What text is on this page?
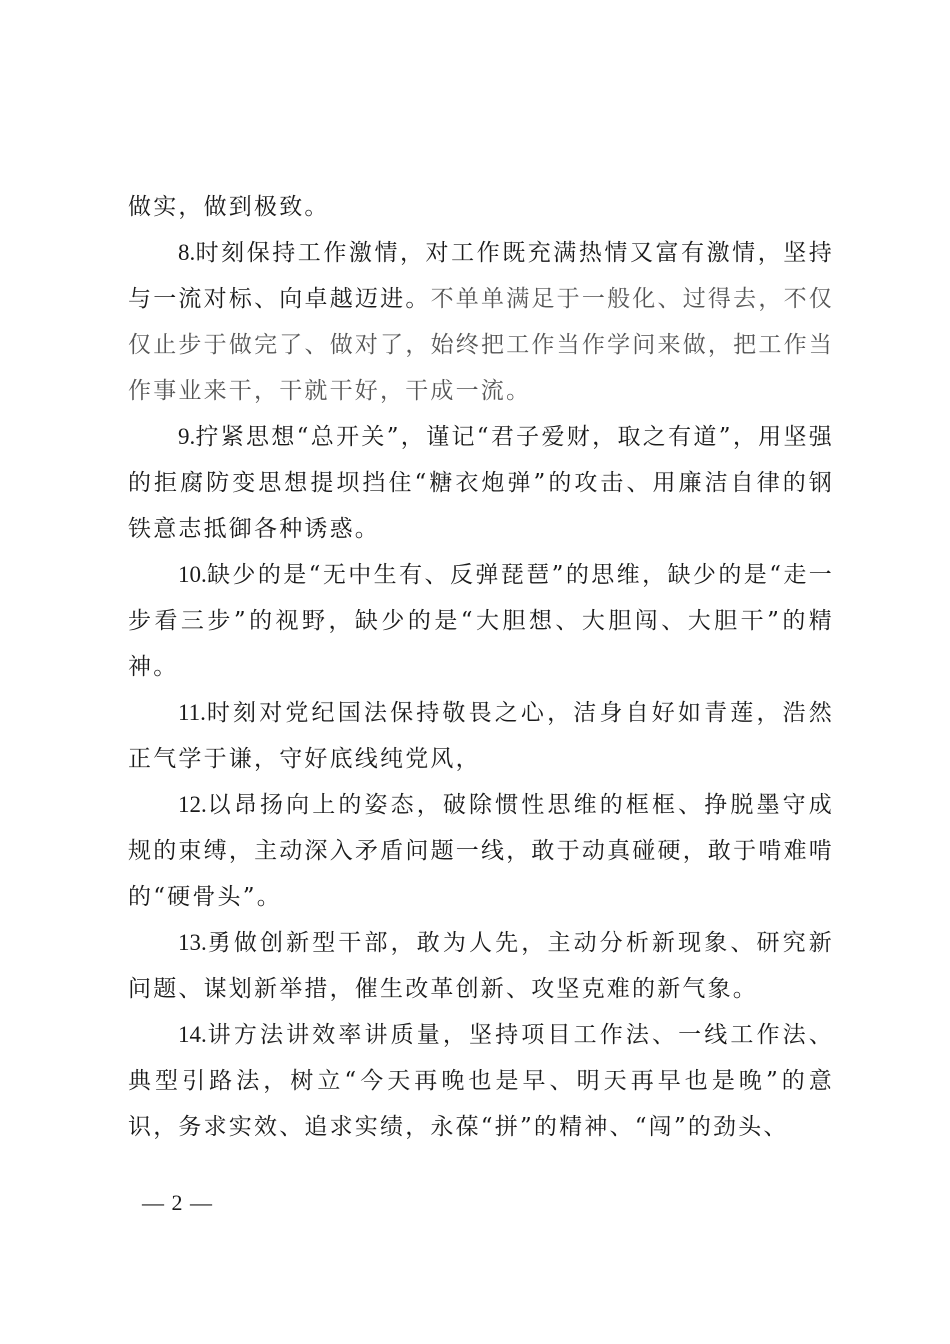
做实，做到极致。

8.时刻保持工作激情，对工作既充满热情又富有激情，坚持与一流对标、向卓越迈进。不单单满足于一般化、过得去，不仅仅止步于做完了、做对了，始终把工作当作学问来做，把工作当作事业来干，干就干好，干成一流。

9.拧紧思想“总开关”，谨记“君子爱财，取之有道”，用坚强的拒腐防变思想提坝挡住“糖衣炮弹”的攻击、用廉洁自律的钢铁意志抵御各种诱惑。

10.缺少的是“无中生有、反弹琵琶”的思维，缺少的是“走一步看三步”的视野，缺少的是“大胆想、大胆闯、大胆干”的精神。

11.时刻对党纪国法保持敬畏之心，洁身自好如青莲，浩然正气学于谦，守好底线纯党风，

12.以昂扬向上的姿态，破除惯性思维的框框、挣脱墨守成规的束缚，主动深入矛盾问题一线，敢于动真碰硬，敢于啃难啃的“硬骨头”。

13.勇做创新型干部，敢为人先，主动分析新现象、研究新问题、谋划新举措，催生改革创新、攻坚克难的新气象。

14.讲方法讲效率讲质量，坚持项目工作法、一线工作法、典型引路法，树立“今天再晚也是早、明天再早也是晚”的意识，务求实效、追求实绩，永葆“拼”的精神、“闯”的劲头、

— 2 —
